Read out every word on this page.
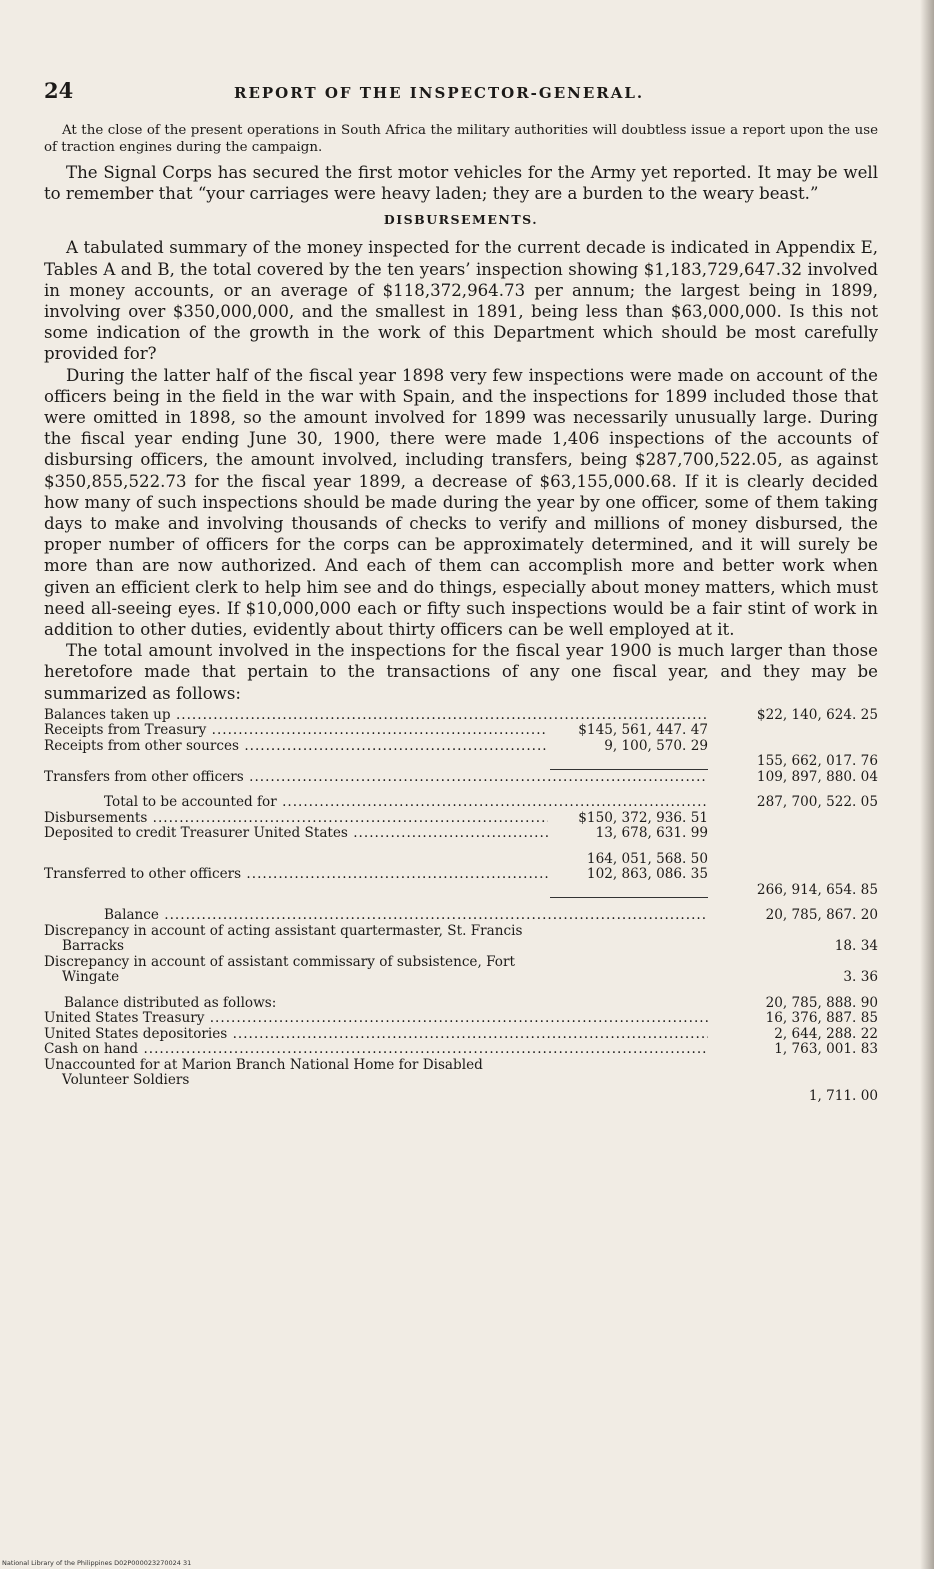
24	REPORT OF THE INSPECTOR-GENERAL.

At the close of the present operations in South Africa the military authorities will doubtless issue a report upon the use of traction engines during the campaign.

The Signal Corps has secured the first motor vehicles for the Army yet reported. It may be well to remember that “your carriages were heavy laden; they are a burden to the weary beast.”

DISBURSEMENTS.

A tabulated summary of the money inspected for the current decade is indicated in Appendix E, Tables A and B, the total covered by the ten years’ inspection showing $1,183,729,647.32 involved in money accounts, or an average of $118,372,964.73 per annum; the largest being in 1899, involving over $350,000,000, and the smallest in 1891, being less than $63,000,000. Is this not some indication of the growth in the work of this Department which should be most carefully provided for?

During the latter half of the fiscal year 1898 very few inspections were made on account of the officers being in the field in the war with Spain, and the inspections for 1899 included those that were omitted in 1898, so the amount involved for 1899 was necessarily unusually large. During the fiscal year ending June 30, 1900, there were made 1,406 inspections of the accounts of disbursing officers, the amount involved, including transfers, being $287,700,522.05, as against $350,855,522.73 for the fiscal year 1899, a decrease of $63,155,000.68. If it is clearly decided how many of such inspections should be made during the year by one officer, some of them taking days to make and involving thousands of checks to verify and millions of money disbursed, the proper number of officers for the corps can be approximately determined, and it will surely be more than are now authorized. And each of them can accomplish more and better work when given an efficient clerk to help him see and do things, especially about money matters, which must need all-seeing eyes. If $10,000,000 each or fifty such inspections would be a fair stint of work in addition to other duties, evidently about thirty officers can be well employed at it.

The total amount involved in the inspections for the fiscal year 1900 is much larger than those heretofore made that pertain to the transactions of any one fiscal year, and they may be summarized as follows:

Balances taken up .....	$22, 140, 624. 25
Receipts from Treasury .....	$145, 561, 447. 47
Receipts from other sources .....	9, 100, 570. 29
155, 662, 017. 76
Transfers from other officers .....	109, 897, 880. 04
Total to be accounted for .....	287, 700, 522. 05
Disbursements .....	$150, 372, 936. 51
Deposited to credit Treasurer United States .....	13, 678, 631. 99
164, 051, 568. 50
Transferred to other officers .....	102, 863, 086. 35
266, 914, 654. 85
Balance .....	20, 785, 867. 20
Discrepancy in account of acting assistant quartermaster, St. Francis
Barracks	18. 34
Discrepancy in account of assistant commissary of subsistence, Fort
Wingate	3. 36
Balance distributed as follows:	20, 785, 888. 90
United States Treasury .....	16, 376, 887. 85
United States depositories .....	2, 644, 288. 22
Cash on hand .....	1, 763, 001. 83
Unaccounted for at Marion Branch National Home for Disabled
Volunteer Soldiers
1, 711. 00
National Library of the Philippines D02P000023270024 31
